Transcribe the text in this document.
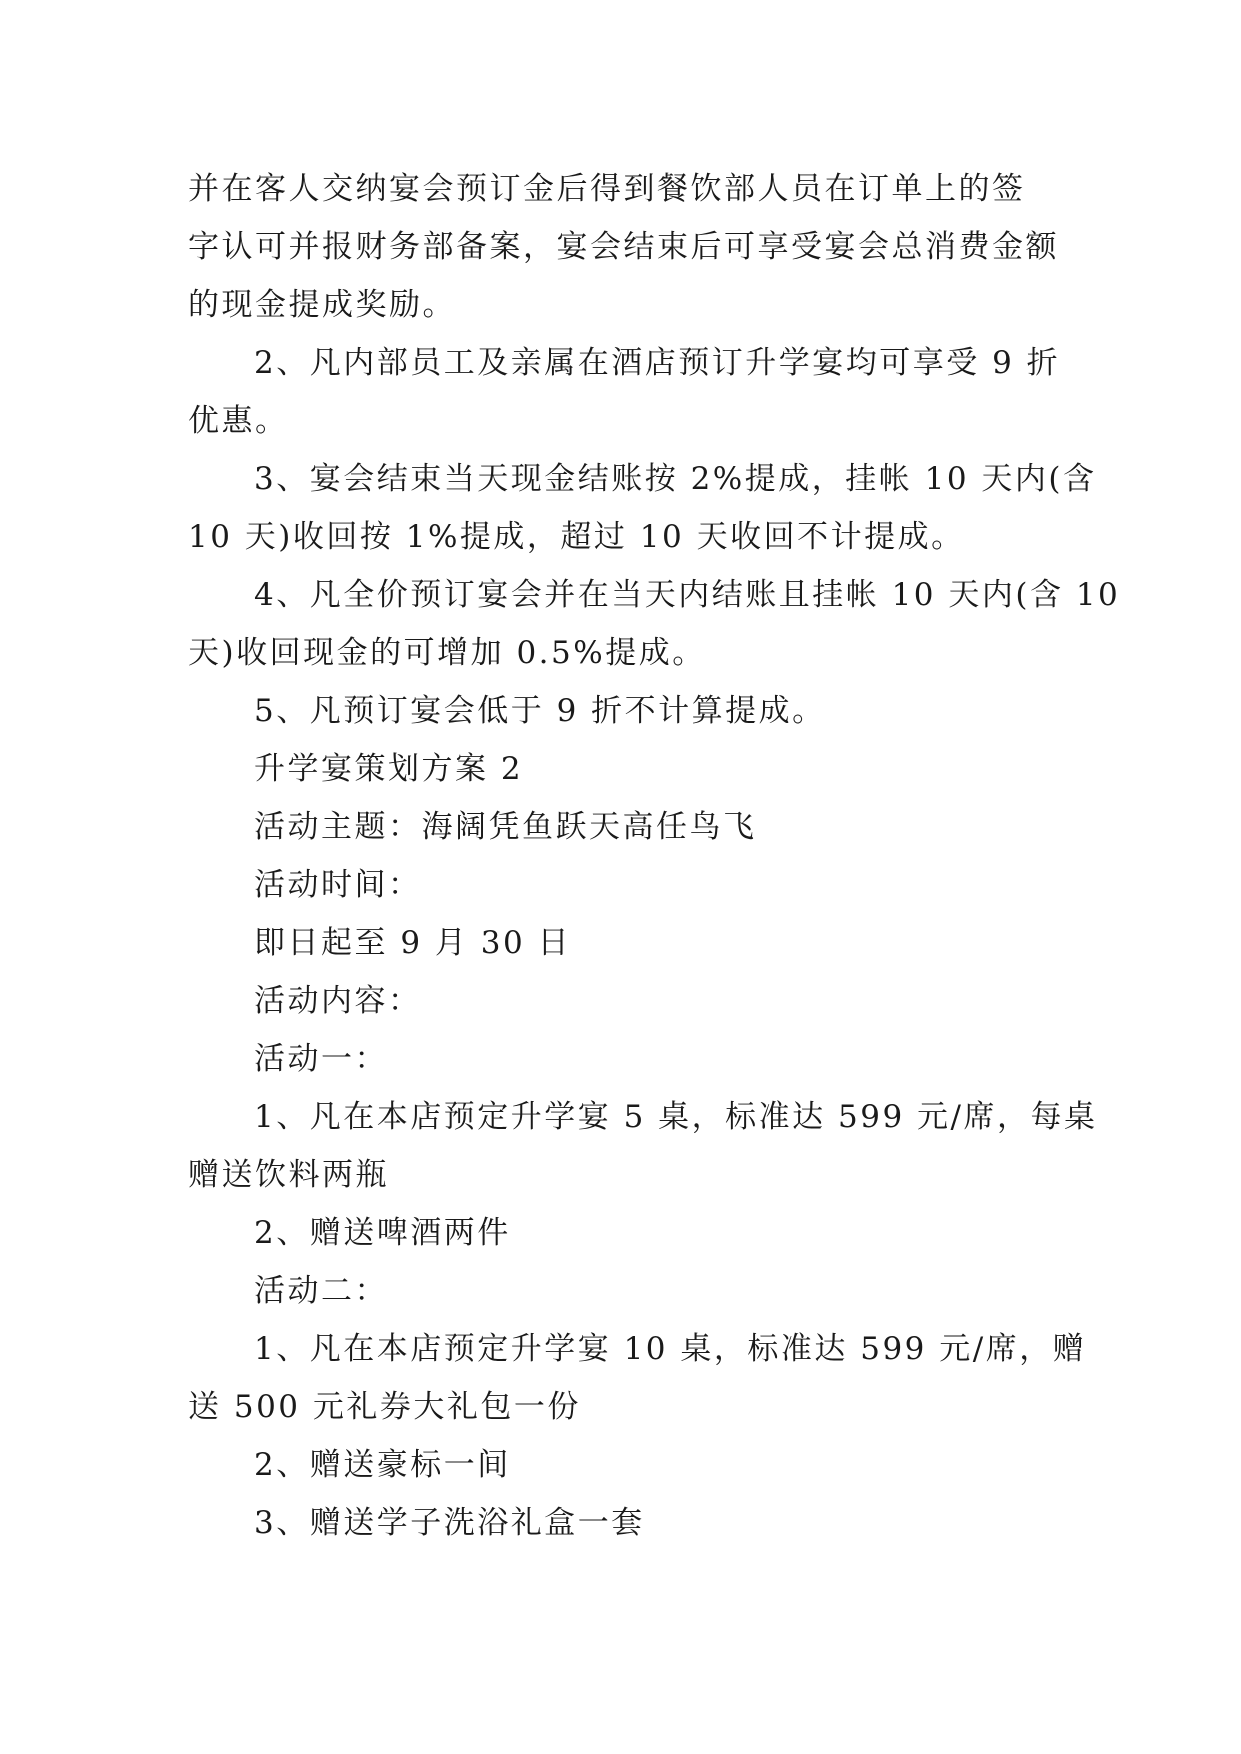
并在客人交纳宴会预订金后得到餐饮部人员在订单上的签

字认可并报财务部备案，宴会结束后可享受宴会总消费金额

的现金提成奖励。

2、凡内部员工及亲属在酒店预订升学宴均可享受 9 折

优惠。

3、宴会结束当天现金结账按 2%提成，挂帐 10 天内(含

10 天)收回按 1%提成，超过 10 天收回不计提成。

4、凡全价预订宴会并在当天内结账且挂帐 10 天内(含 10

天)收回现金的可增加 0.5%提成。

5、凡预订宴会低于 9 折不计算提成。

升学宴策划方案 2

活动主题：海阔凭鱼跃天高任鸟飞

活动时间：

即日起至 9 月 30 日

活动内容：

活动一：

1、凡在本店预定升学宴 5 桌，标准达 599 元/席，每桌

赠送饮料两瓶

2、赠送啤酒两件

活动二：

1、凡在本店预定升学宴 10 桌，标准达 599 元/席，赠

送 500 元礼券大礼包一份

2、赠送豪标一间

3、赠送学子洗浴礼盒一套
